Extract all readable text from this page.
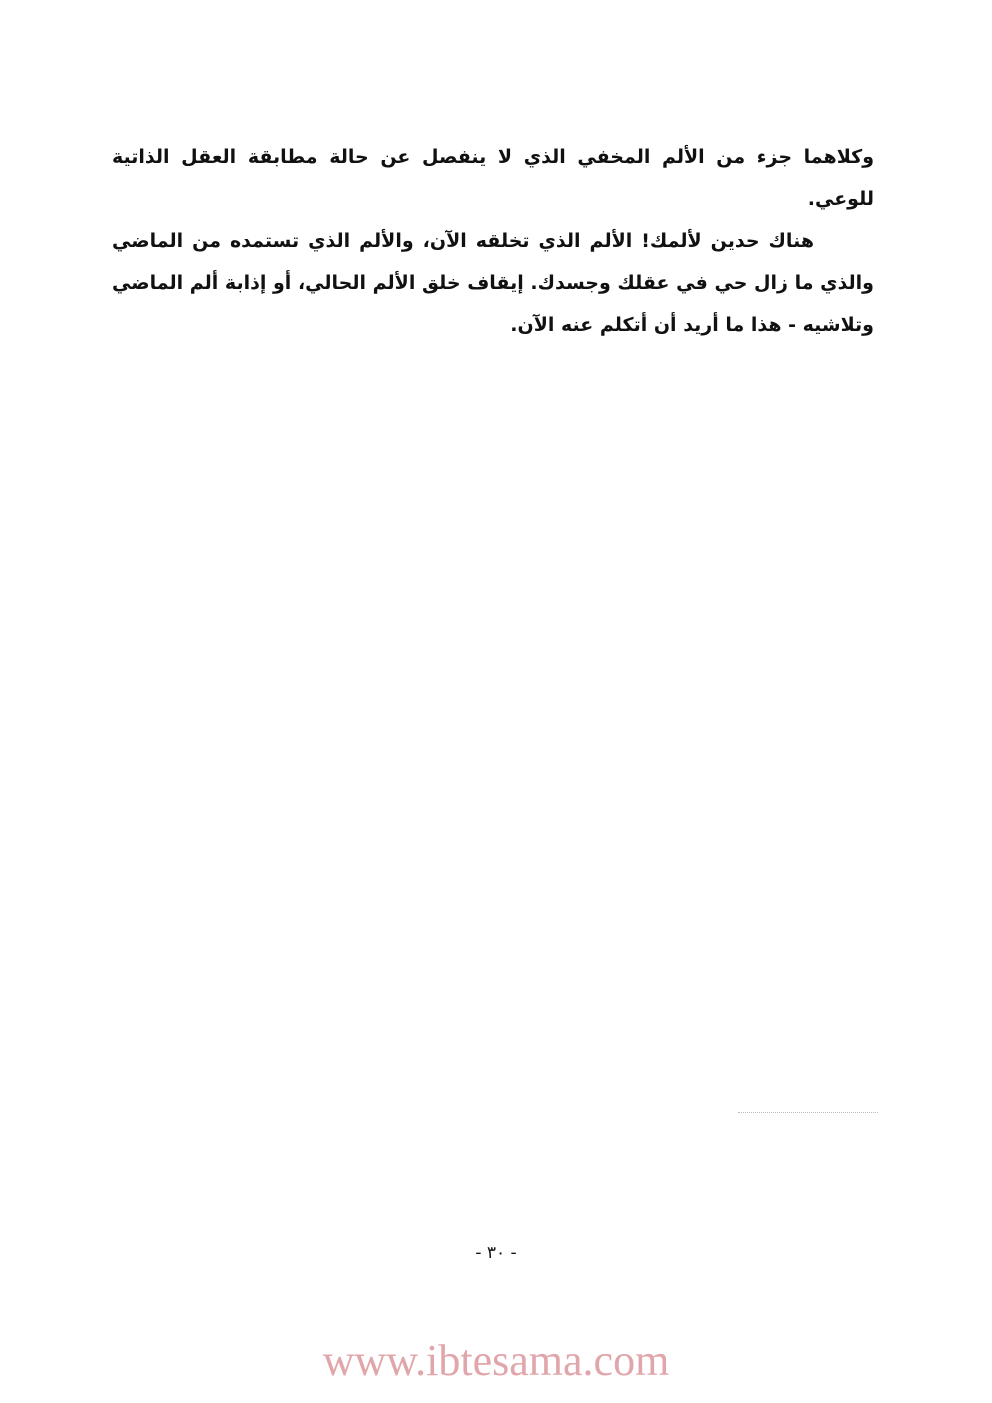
وكلاهما جزء من الألم المخفي الذي لا ينفصل عن حالة مطابقة العقل الذاتية للوعي.

هناك حدين لألمك! الألم الذي تخلقه الآن، والألم الذي تستمده من الماضي والذي ما زال حي في عقلك وجسدك. إيقاف خلق الألم الحالي، أو إذابة ألم الماضي وتلاشيه - هذا ما أريد أن أتكلم عنه الآن.

- ٣٠ -
www.ibtesama.com
